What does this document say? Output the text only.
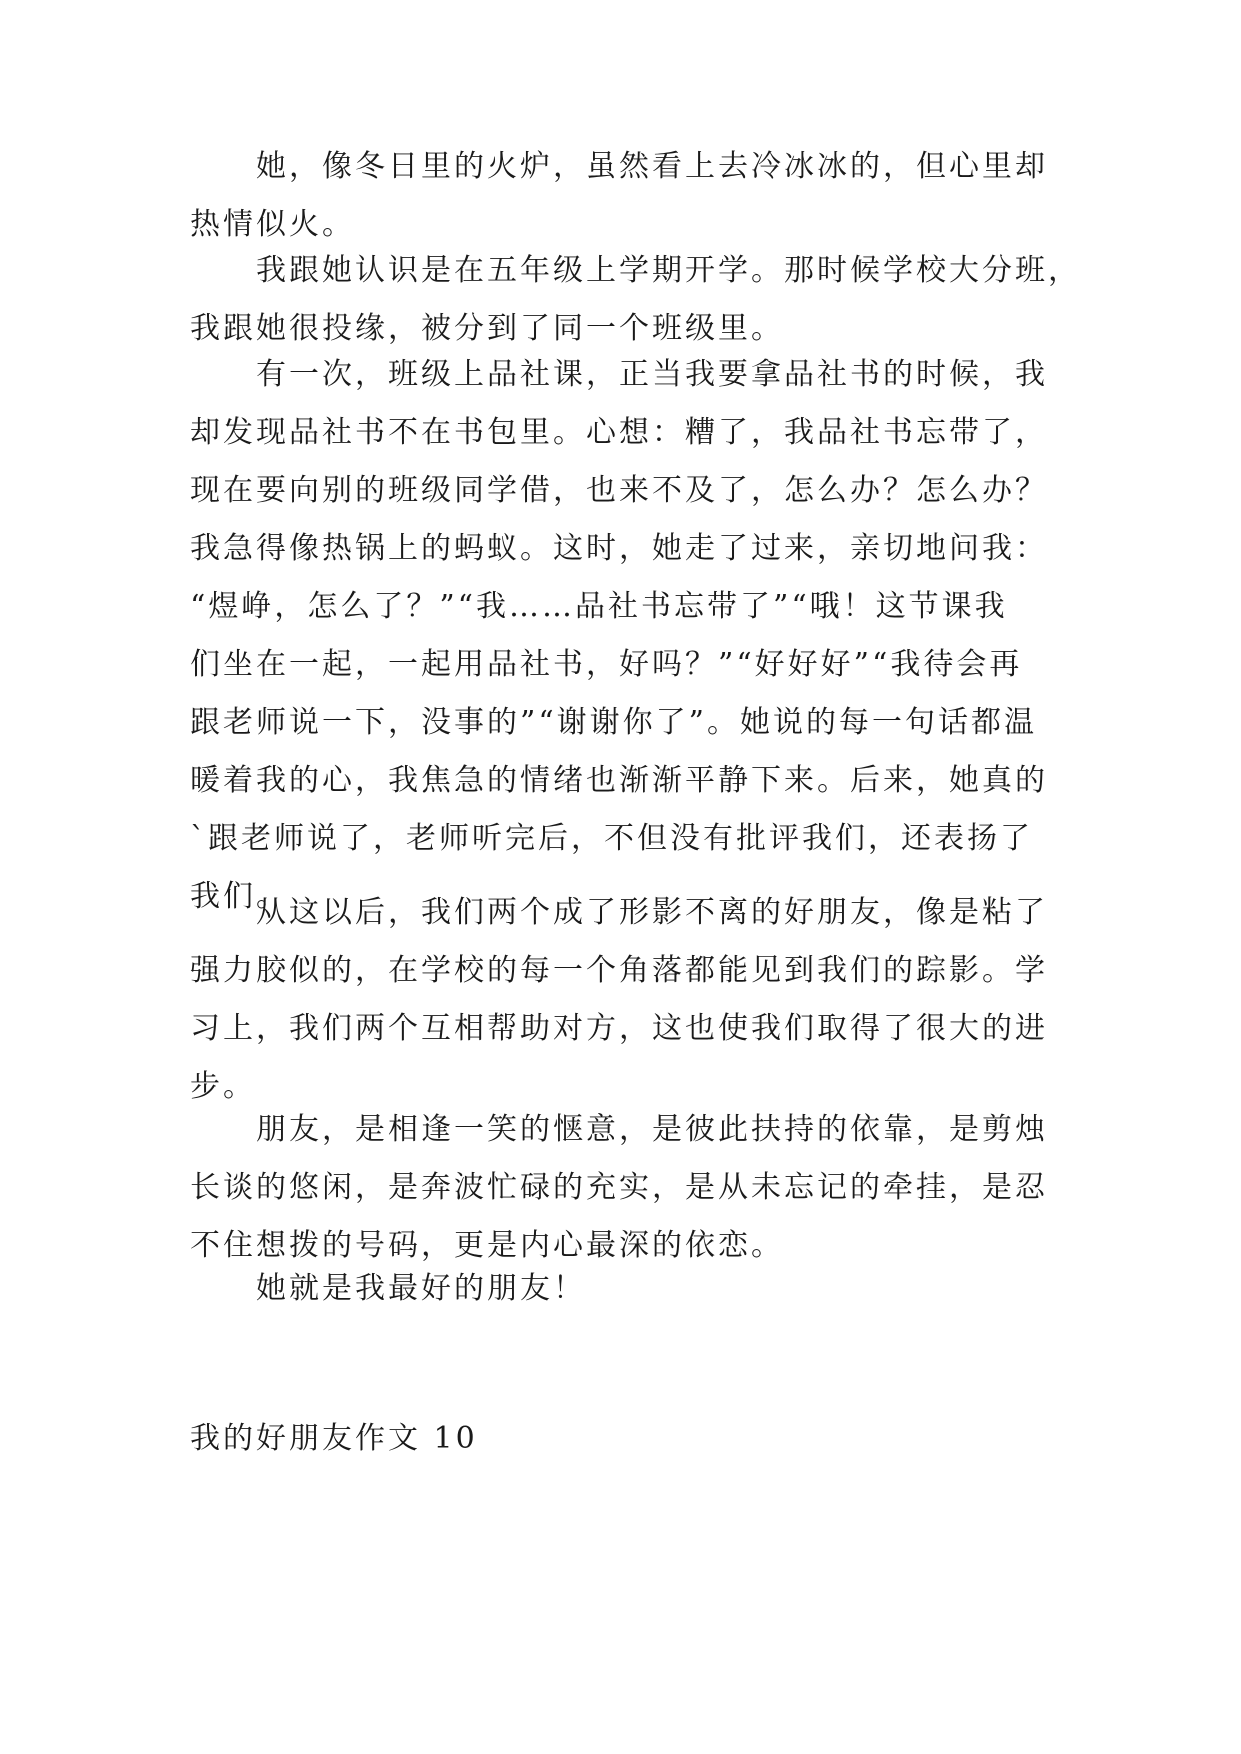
她，像冬日里的火炉，虽然看上去冷冰冰的，但心里却
热情似火。
我跟她认识是在五年级上学期开学。那时候学校大分班，
我跟她很投缘，被分到了同一个班级里。
有一次，班级上品社课，正当我要拿品社书的时候，我
却发现品社书不在书包里。心想：糟了，我品社书忘带了，
现在要向别的班级同学借，也来不及了，怎么办？怎么办？
我急得像热锅上的蚂蚁。这时，她走了过来，亲切地问我：
“煜峥，怎么了？”“我……品社书忘带了”“哦！这节课我
们坐在一起，一起用品社书，好吗？”“好好好”“我待会再
跟老师说一下，没事的”“谢谢你了”。她说的每一句话都温
暖着我的心，我焦急的情绪也渐渐平静下来。后来，她真的
`跟老师说了，老师听完后，不但没有批评我们，还表扬了
我们。
从这以后，我们两个成了形影不离的好朋友，像是粘了
强力胶似的，在学校的每一个角落都能见到我们的踪影。学
习上，我们两个互相帮助对方，这也使我们取得了很大的进
步。
朋友，是相逢一笑的惬意，是彼此扶持的依靠，是剪烛
长谈的悠闲，是奔波忙碌的充实，是从未忘记的牵挂，是忍
不住想拨的号码，更是内心最深的依恋。
她就是我最好的朋友！
我的好朋友作文 10
